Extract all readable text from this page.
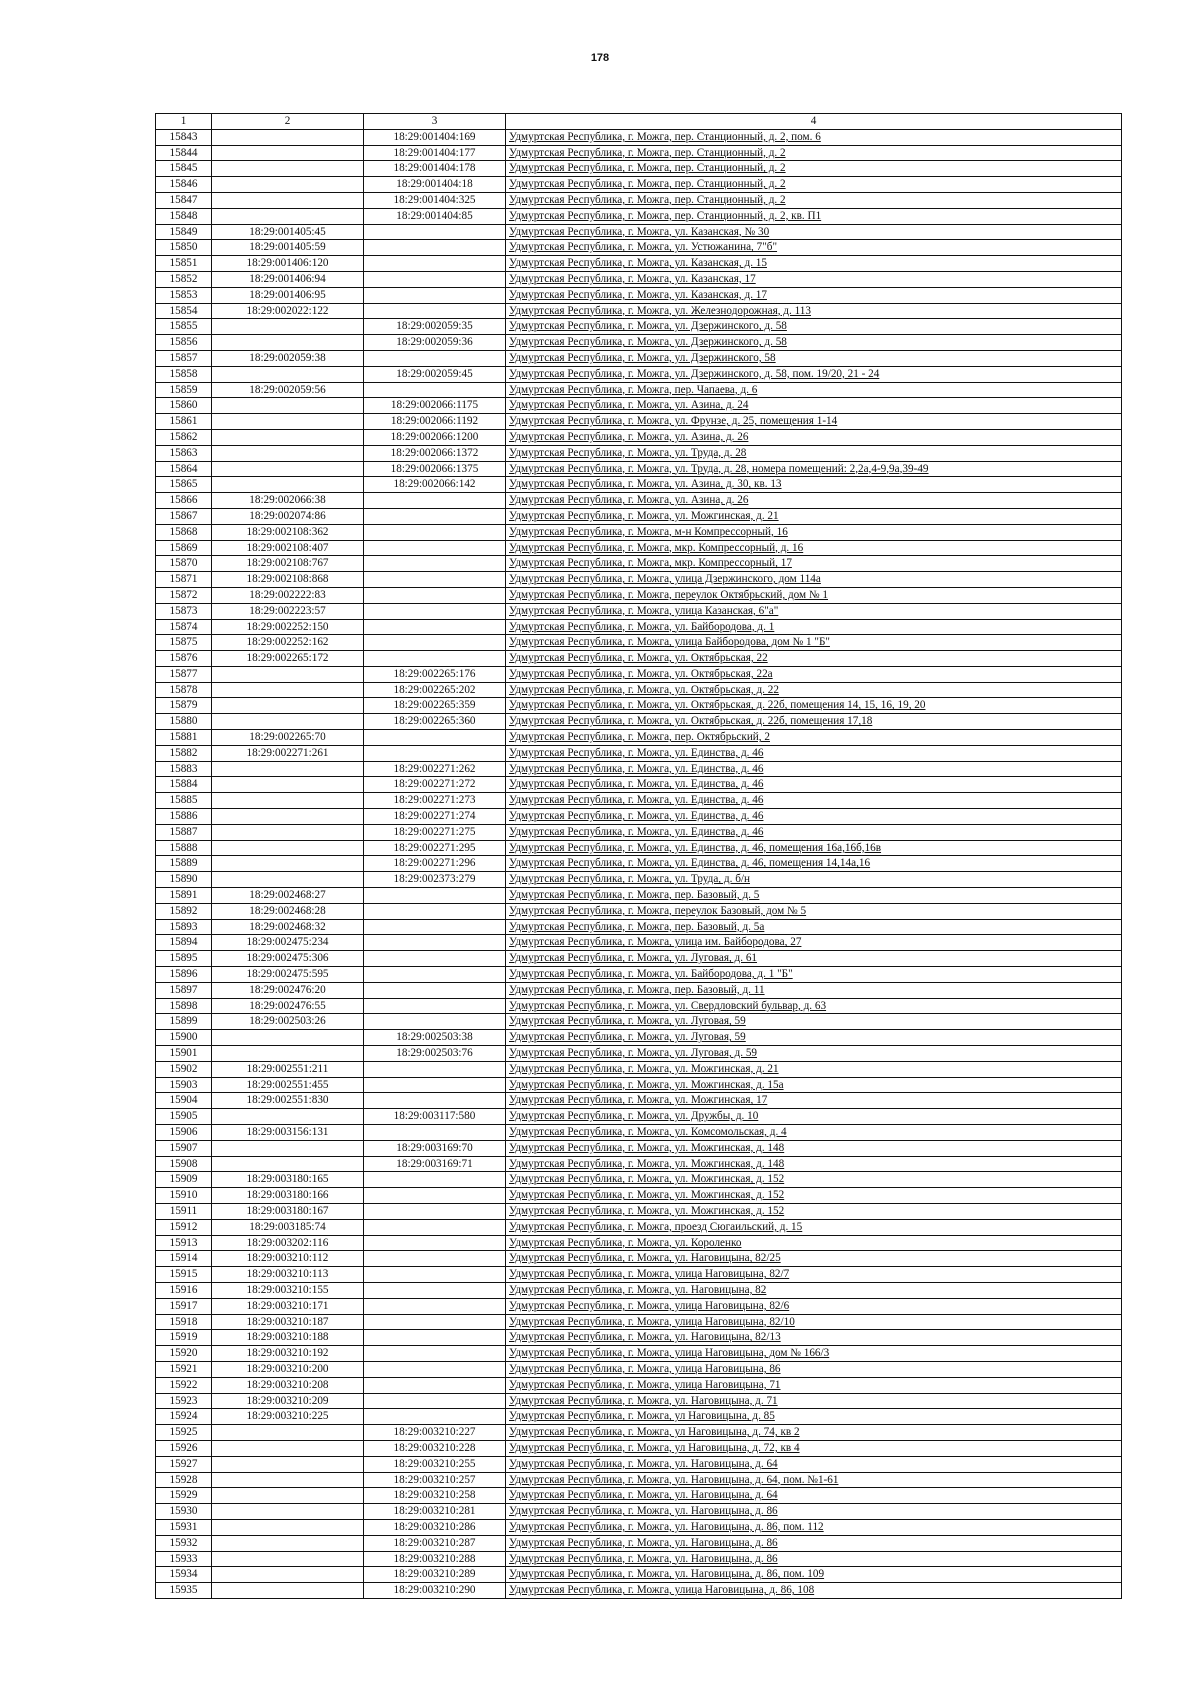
178
1	2	3	4
15843		18:29:001404:169	Удмуртская Республика, г. Можга, пер. Станционный, д. 2, пом. 6
15844		18:29:001404:177	Удмуртская Республика, г. Можга, пер. Станционный, д. 2
15845		18:29:001404:178	Удмуртская Республика, г. Можга, пер. Станционный, д. 2
15846		18:29:001404:18	Удмуртская Республика, г. Можга, пер. Станционный, д. 2
15847		18:29:001404:325	Удмуртская Республика, г. Можга, пер. Станционный, д. 2
15848		18:29:001404:85	Удмуртская Республика, г. Можга, пер. Станционный, д. 2, кв. П1
15849	18:29:001405:45		Удмуртская Республика, г. Можга, ул. Казанская, № 30
15850	18:29:001405:59		Удмуртская Республика, г. Можга, ул. Устюжанина, 7"б"
15851	18:29:001406:120		Удмуртская Республика, г. Можга, ул. Казанская, д. 15
15852	18:29:001406:94		Удмуртская Республика, г. Можга, ул. Казанская, 17
15853	18:29:001406:95		Удмуртская Республика, г. Можга, ул. Казанская, д. 17
15854	18:29:002022:122		Удмуртская Республика, г. Можга, ул. Железнодорожная, д. 113
15855		18:29:002059:35	Удмуртская Республика, г. Можга, ул. Дзержинского, д. 58
15856		18:29:002059:36	Удмуртская Республика, г. Можга, ул. Дзержинского, д. 58
15857	18:29:002059:38		Удмуртская Республика, г. Можга, ул. Дзержинского, 58
15858		18:29:002059:45	Удмуртская Республика, г. Можга, ул. Дзержинского, д. 58, пом. 19/20, 21 - 24
15859	18:29:002059:56		Удмуртская Республика, г. Можга, пер. Чапаева, д. 6
15860		18:29:002066:1175	Удмуртская Республика, г. Можга, ул. Азина, д. 24
15861		18:29:002066:1192	Удмуртская Республика, г. Можга, ул. Фрунзе, д. 25, помещения 1-14
15862		18:29:002066:1200	Удмуртская Республика, г. Можга, ул. Азина, д. 26
15863		18:29:002066:1372	Удмуртская Республика, г. Можга, ул. Труда, д. 28
15864		18:29:002066:1375	Удмуртская Республика, г. Можга, ул. Труда, д. 28, номера помещений: 2,2а,4-9,9а,39-49
15865		18:29:002066:142	Удмуртская Республика, г. Можга, ул. Азина, д. 30, кв. 13
15866	18:29:002066:38		Удмуртская Республика, г. Можга, ул. Азина, д. 26
15867	18:29:002074:86		Удмуртская Республика, г. Можга, ул. Можгинская, д. 21
15868	18:29:002108:362		Удмуртская Республика, г. Можга, м-н Компрессорный, 16
15869	18:29:002108:407		Удмуртская Республика, г. Можга, мкр. Компрессорный, д. 16
15870	18:29:002108:767		Удмуртская Республика, г. Можга, мкр. Компрессорный, 17
15871	18:29:002108:868		Удмуртская Республика, г. Можга, улица Дзержинского, дом 114а
15872	18:29:002222:83		Удмуртская Республика, г. Можга, переулок Октябрьский, дом № 1
15873	18:29:002223:57		Удмуртская Республика, г. Можга, улица Казанская, 6"а"
15874	18:29:002252:150		Удмуртская Республика, г. Можга, ул. Байбородова, д. 1
15875	18:29:002252:162		Удмуртская Республика, г. Можга, улица Байбородова, дом № 1 "Б"
15876	18:29:002265:172		Удмуртская Республика, г. Можга, ул. Октябрьская, 22
15877		18:29:002265:176	Удмуртская Республика, г. Можга, ул. Октябрьская, 22а
15878		18:29:002265:202	Удмуртская Республика, г. Можга, ул. Октябрьская, д. 22
15879		18:29:002265:359	Удмуртская Республика, г. Можга, ул. Октябрьская, д. 22б, помещения 14, 15, 16, 19, 20
15880		18:29:002265:360	Удмуртская Республика, г. Можга, ул. Октябрьская, д. 22б, помещения 17,18
15881	18:29:002265:70		Удмуртская Республика, г. Можга, пер. Октябрьский, 2
15882	18:29:002271:261		Удмуртская Республика, г. Можга, ул. Единства, д. 46
15883		18:29:002271:262	Удмуртская Республика, г. Можга, ул. Единства, д. 46
15884		18:29:002271:272	Удмуртская Республика, г. Можга, ул. Единства, д. 46
15885		18:29:002271:273	Удмуртская Республика, г. Можга, ул. Единства, д. 46
15886		18:29:002271:274	Удмуртская Республика, г. Можга, ул. Единства, д. 46
15887		18:29:002271:275	Удмуртская Республика, г. Можга, ул. Единства, д. 46
15888		18:29:002271:295	Удмуртская Республика, г. Можга, ул. Единства, д. 46, помещения 16а,16б,16в
15889		18:29:002271:296	Удмуртская Республика, г. Можга, ул. Единства, д. 46, помещения 14,14а,16
15890		18:29:002373:279	Удмуртская Республика, г. Можга, ул. Труда, д. б/н
15891	18:29:002468:27		Удмуртская Республика, г. Можга, пер. Базовый, д. 5
15892	18:29:002468:28		Удмуртская Республика, г. Можга, переулок Базовый, дом № 5
15893	18:29:002468:32		Удмуртская Республика, г. Можга, пер. Базовый, д. 5а
15894	18:29:002475:234		Удмуртская Республика, г. Можга, улица им. Байбородова, 27
15895	18:29:002475:306		Удмуртская Республика, г. Можга, ул. Луговая, д. 61
15896	18:29:002475:595		Удмуртская Республика, г. Можга, ул. Байбородова, д. 1 "Б"
15897	18:29:002476:20		Удмуртская Республика, г. Можга, пер. Базовый, д. 11
15898	18:29:002476:55		Удмуртская Республика, г. Можга, ул. Свердловский бульвар, д. 63
15899	18:29:002503:26		Удмуртская Республика, г. Можга, ул. Луговая, 59
15900		18:29:002503:38	Удмуртская Республика, г. Можга, ул. Луговая, 59
15901		18:29:002503:76	Удмуртская Республика, г. Можга, ул. Луговая, д. 59
15902	18:29:002551:211		Удмуртская Республика, г. Можга, ул. Можгинская, д. 21
15903	18:29:002551:455		Удмуртская Республика, г. Можга, ул. Можгинская, д. 15а
15904	18:29:002551:830		Удмуртская Республика, г. Можга, ул. Можгинская, 17
15905		18:29:003117:580	Удмуртская Республика, г. Можга, ул. Дружбы, д. 10
15906	18:29:003156:131		Удмуртская Республика, г. Можга, ул. Комсомольская, д. 4
15907		18:29:003169:70	Удмуртская Республика, г. Можга, ул. Можгинская, д. 148
15908		18:29:003169:71	Удмуртская Республика, г. Можга, ул. Можгинская, д. 148
15909	18:29:003180:165		Удмуртская Республика, г. Можга, ул. Можгинская, д. 152
15910	18:29:003180:166		Удмуртская Республика, г. Можга, ул. Можгинская, д. 152
15911	18:29:003180:167		Удмуртская Республика, г. Можга, ул. Можгинская, д. 152
15912	18:29:003185:74		Удмуртская Республика, г. Можга, проезд Сюгаильский, д. 15
15913	18:29:003202:116		Удмуртская Республика, г. Можга, ул. Короленко
15914	18:29:003210:112		Удмуртская Республика, г. Можга, ул. Наговицына, 82/25
15915	18:29:003210:113		Удмуртская Республика, г. Можга, улица Наговицына, 82/7
15916	18:29:003210:155		Удмуртская Республика, г. Можга, ул. Наговицына, 82
15917	18:29:003210:171		Удмуртская Республика, г. Можга, улица Наговицына, 82/6
15918	18:29:003210:187		Удмуртская Республика, г. Можга, улица Наговицына, 82/10
15919	18:29:003210:188		Удмуртская Республика, г. Можга, ул. Наговицына, 82/13
15920	18:29:003210:192		Удмуртская Республика, г. Можга, улица Наговицына, дом № 166/3
15921	18:29:003210:200		Удмуртская Республика, г. Можга, улица Наговицына, 86
15922	18:29:003210:208		Удмуртская Республика, г. Можга, улица Наговицына, 71
15923	18:29:003210:209		Удмуртская Республика, г. Можга, ул. Наговицына, д. 71
15924	18:29:003210:225		Удмуртская Республика, г. Можга, ул Наговицына, д. 85
15925		18:29:003210:227	Удмуртская Республика, г. Можга, ул Наговицына, д. 74, кв 2
15926		18:29:003210:228	Удмуртская Республика, г. Можга, ул Наговицына, д. 72, кв 4
15927		18:29:003210:255	Удмуртская Республика, г. Можга, ул. Наговицына, д. 64
15928		18:29:003210:257	Удмуртская Республика, г. Можга, ул. Наговицына, д. 64, пом. №1-61
15929		18:29:003210:258	Удмуртская Республика, г. Можга, ул. Наговицына, д. 64
15930		18:29:003210:281	Удмуртская Республика, г. Можга, ул. Наговицына, д. 86
15931		18:29:003210:286	Удмуртская Республика, г. Можга, ул. Наговицына, д. 86, пом. 112
15932		18:29:003210:287	Удмуртская Республика, г. Можга, ул. Наговицына, д. 86
15933		18:29:003210:288	Удмуртская Республика, г. Можга, ул. Наговицына, д. 86
15934		18:29:003210:289	Удмуртская Республика, г. Можга, ул. Наговицына, д. 86, пом. 109
15935		18:29:003210:290	Удмуртская Республика, г. Можга, улица Наговицына, д. 86, 108
